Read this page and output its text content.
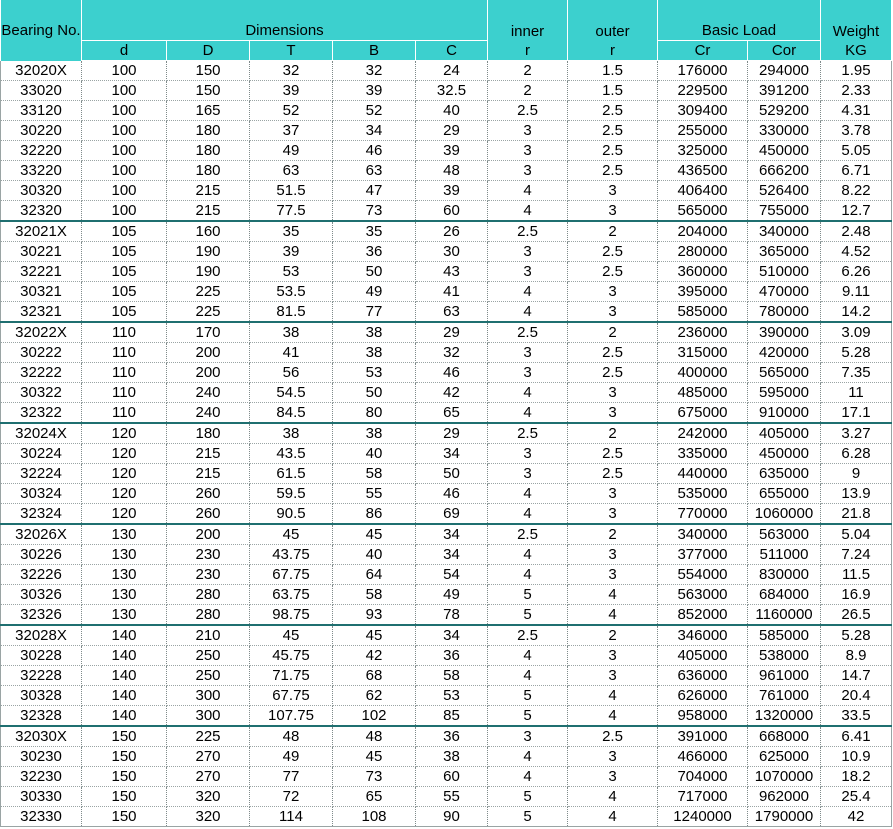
Bearing No.	Dimensions					inner	outer	Basic Load		Weight
	d	D	T	B	C	r	r	Cr	Cor	KG
32020X	100	150	32	32	24	2	1.5	176000	294000	1.95
33020	100	150	39	39	32.5	2	1.5	229500	391200	2.33
33120	100	165	52	52	40	2.5	2.5	309400	529200	4.31
30220	100	180	37	34	29	3	2.5	255000	330000	3.78
32220	100	180	49	46	39	3	2.5	325000	450000	5.05
33220	100	180	63	63	48	3	2.5	436500	666200	6.71
30320	100	215	51.5	47	39	4	3	406400	526400	8.22
32320	100	215	77.5	73	60	4	3	565000	755000	12.7
32021X	105	160	35	35	26	2.5	2	204000	340000	2.48
30221	105	190	39	36	30	3	2.5	280000	365000	4.52
32221	105	190	53	50	43	3	2.5	360000	510000	6.26
30321	105	225	53.5	49	41	4	3	395000	470000	9.11
32321	105	225	81.5	77	63	4	3	585000	780000	14.2
32022X	110	170	38	38	29	2.5	2	236000	390000	3.09
30222	110	200	41	38	32	3	2.5	315000	420000	5.28
32222	110	200	56	53	46	3	2.5	400000	565000	7.35
30322	110	240	54.5	50	42	4	3	485000	595000	11
32322	110	240	84.5	80	65	4	3	675000	910000	17.1
32024X	120	180	38	38	29	2.5	2	242000	405000	3.27
30224	120	215	43.5	40	34	3	2.5	335000	450000	6.28
32224	120	215	61.5	58	50	3	2.5	440000	635000	9
30324	120	260	59.5	55	46	4	3	535000	655000	13.9
32324	120	260	90.5	86	69	4	3	770000	1060000	21.8
32026X	130	200	45	45	34	2.5	2	340000	563000	5.04
30226	130	230	43.75	40	34	4	3	377000	511000	7.24
32226	130	230	67.75	64	54	4	3	554000	830000	11.5
30326	130	280	63.75	58	49	5	4	563000	684000	16.9
32326	130	280	98.75	93	78	5	4	852000	1160000	26.5
32028X	140	210	45	45	34	2.5	2	346000	585000	5.28
30228	140	250	45.75	42	36	4	3	405000	538000	8.9
32228	140	250	71.75	68	58	4	3	636000	961000	14.7
30328	140	300	67.75	62	53	5	4	626000	761000	20.4
32328	140	300	107.75	102	85	5	4	958000	1320000	33.5
32030X	150	225	48	48	36	3	2.5	391000	668000	6.41
30230	150	270	49	45	38	4	3	466000	625000	10.9
32230	150	270	77	73	60	4	3	704000	1070000	18.2
30330	150	320	72	65	55	5	4	717000	962000	25.4
32330	150	320	114	108	90	5	4	1240000	1790000	42
